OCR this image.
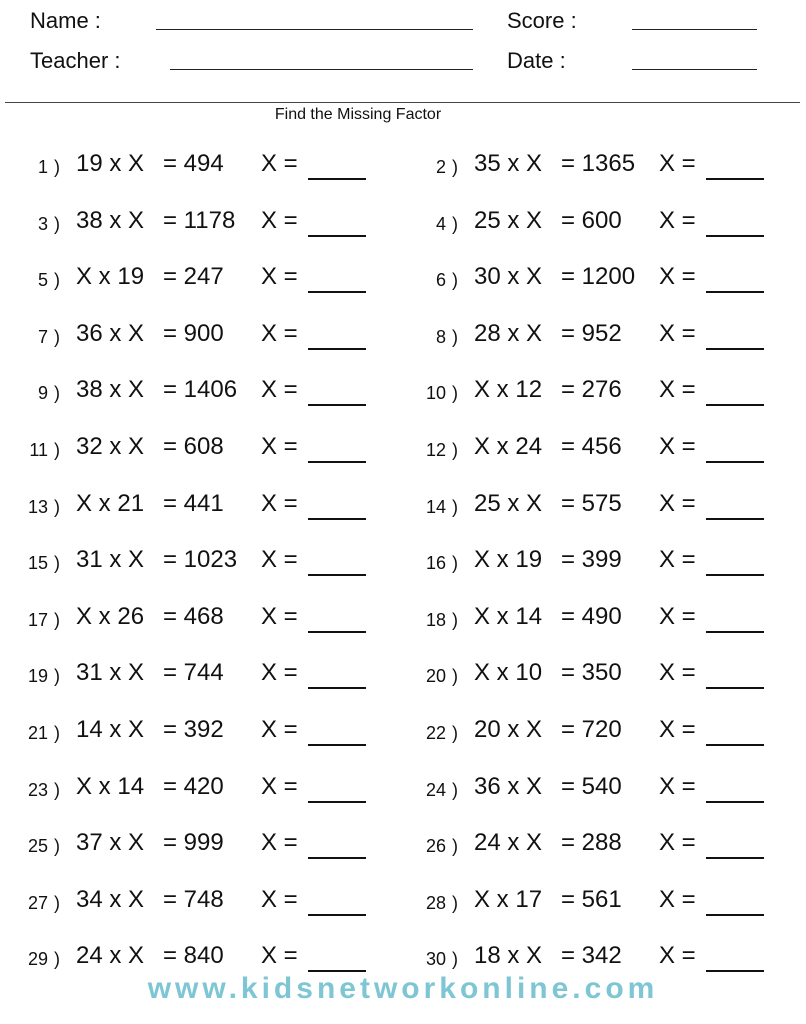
Name :
Teacher :
Score :
Date :
Find the Missing Factor
1 ) 19 x X = 494 X =	2 ) 35 x X = 1365 X =
3 ) 38 x X = 1178 X =	4 ) 25 x X = 600 X =
5 ) X x 19 = 247 X =	6 ) 30 x X = 1200 X =
7 ) 36 x X = 900 X =	8 ) 28 x X = 952 X =
9 ) 38 x X = 1406 X =	10 ) X x 12 = 276 X =
11 ) 32 x X = 608 X =	12 ) X x 24 = 456 X =
13 ) X x 21 = 441 X =	14 ) 25 x X = 575 X =
15 ) 31 x X = 1023 X =	16 ) X x 19 = 399 X =
17 ) X x 26 = 468 X =	18 ) X x 14 = 490 X =
19 ) 31 x X = 744 X =	20 ) X x 10 = 350 X =
21 ) 14 x X = 392 X =	22 ) 20 x X = 720 X =
23 ) X x 14 = 420 X =	24 ) 36 x X = 540 X =
25 ) 37 x X = 999 X =	26 ) 24 x X = 288 X =
27 ) 34 x X = 748 X =	28 ) X x 17 = 561 X =
29 ) 24 x X = 840 X =	30 ) 18 x X = 342 X =
www.kidsnetworkonline.com
